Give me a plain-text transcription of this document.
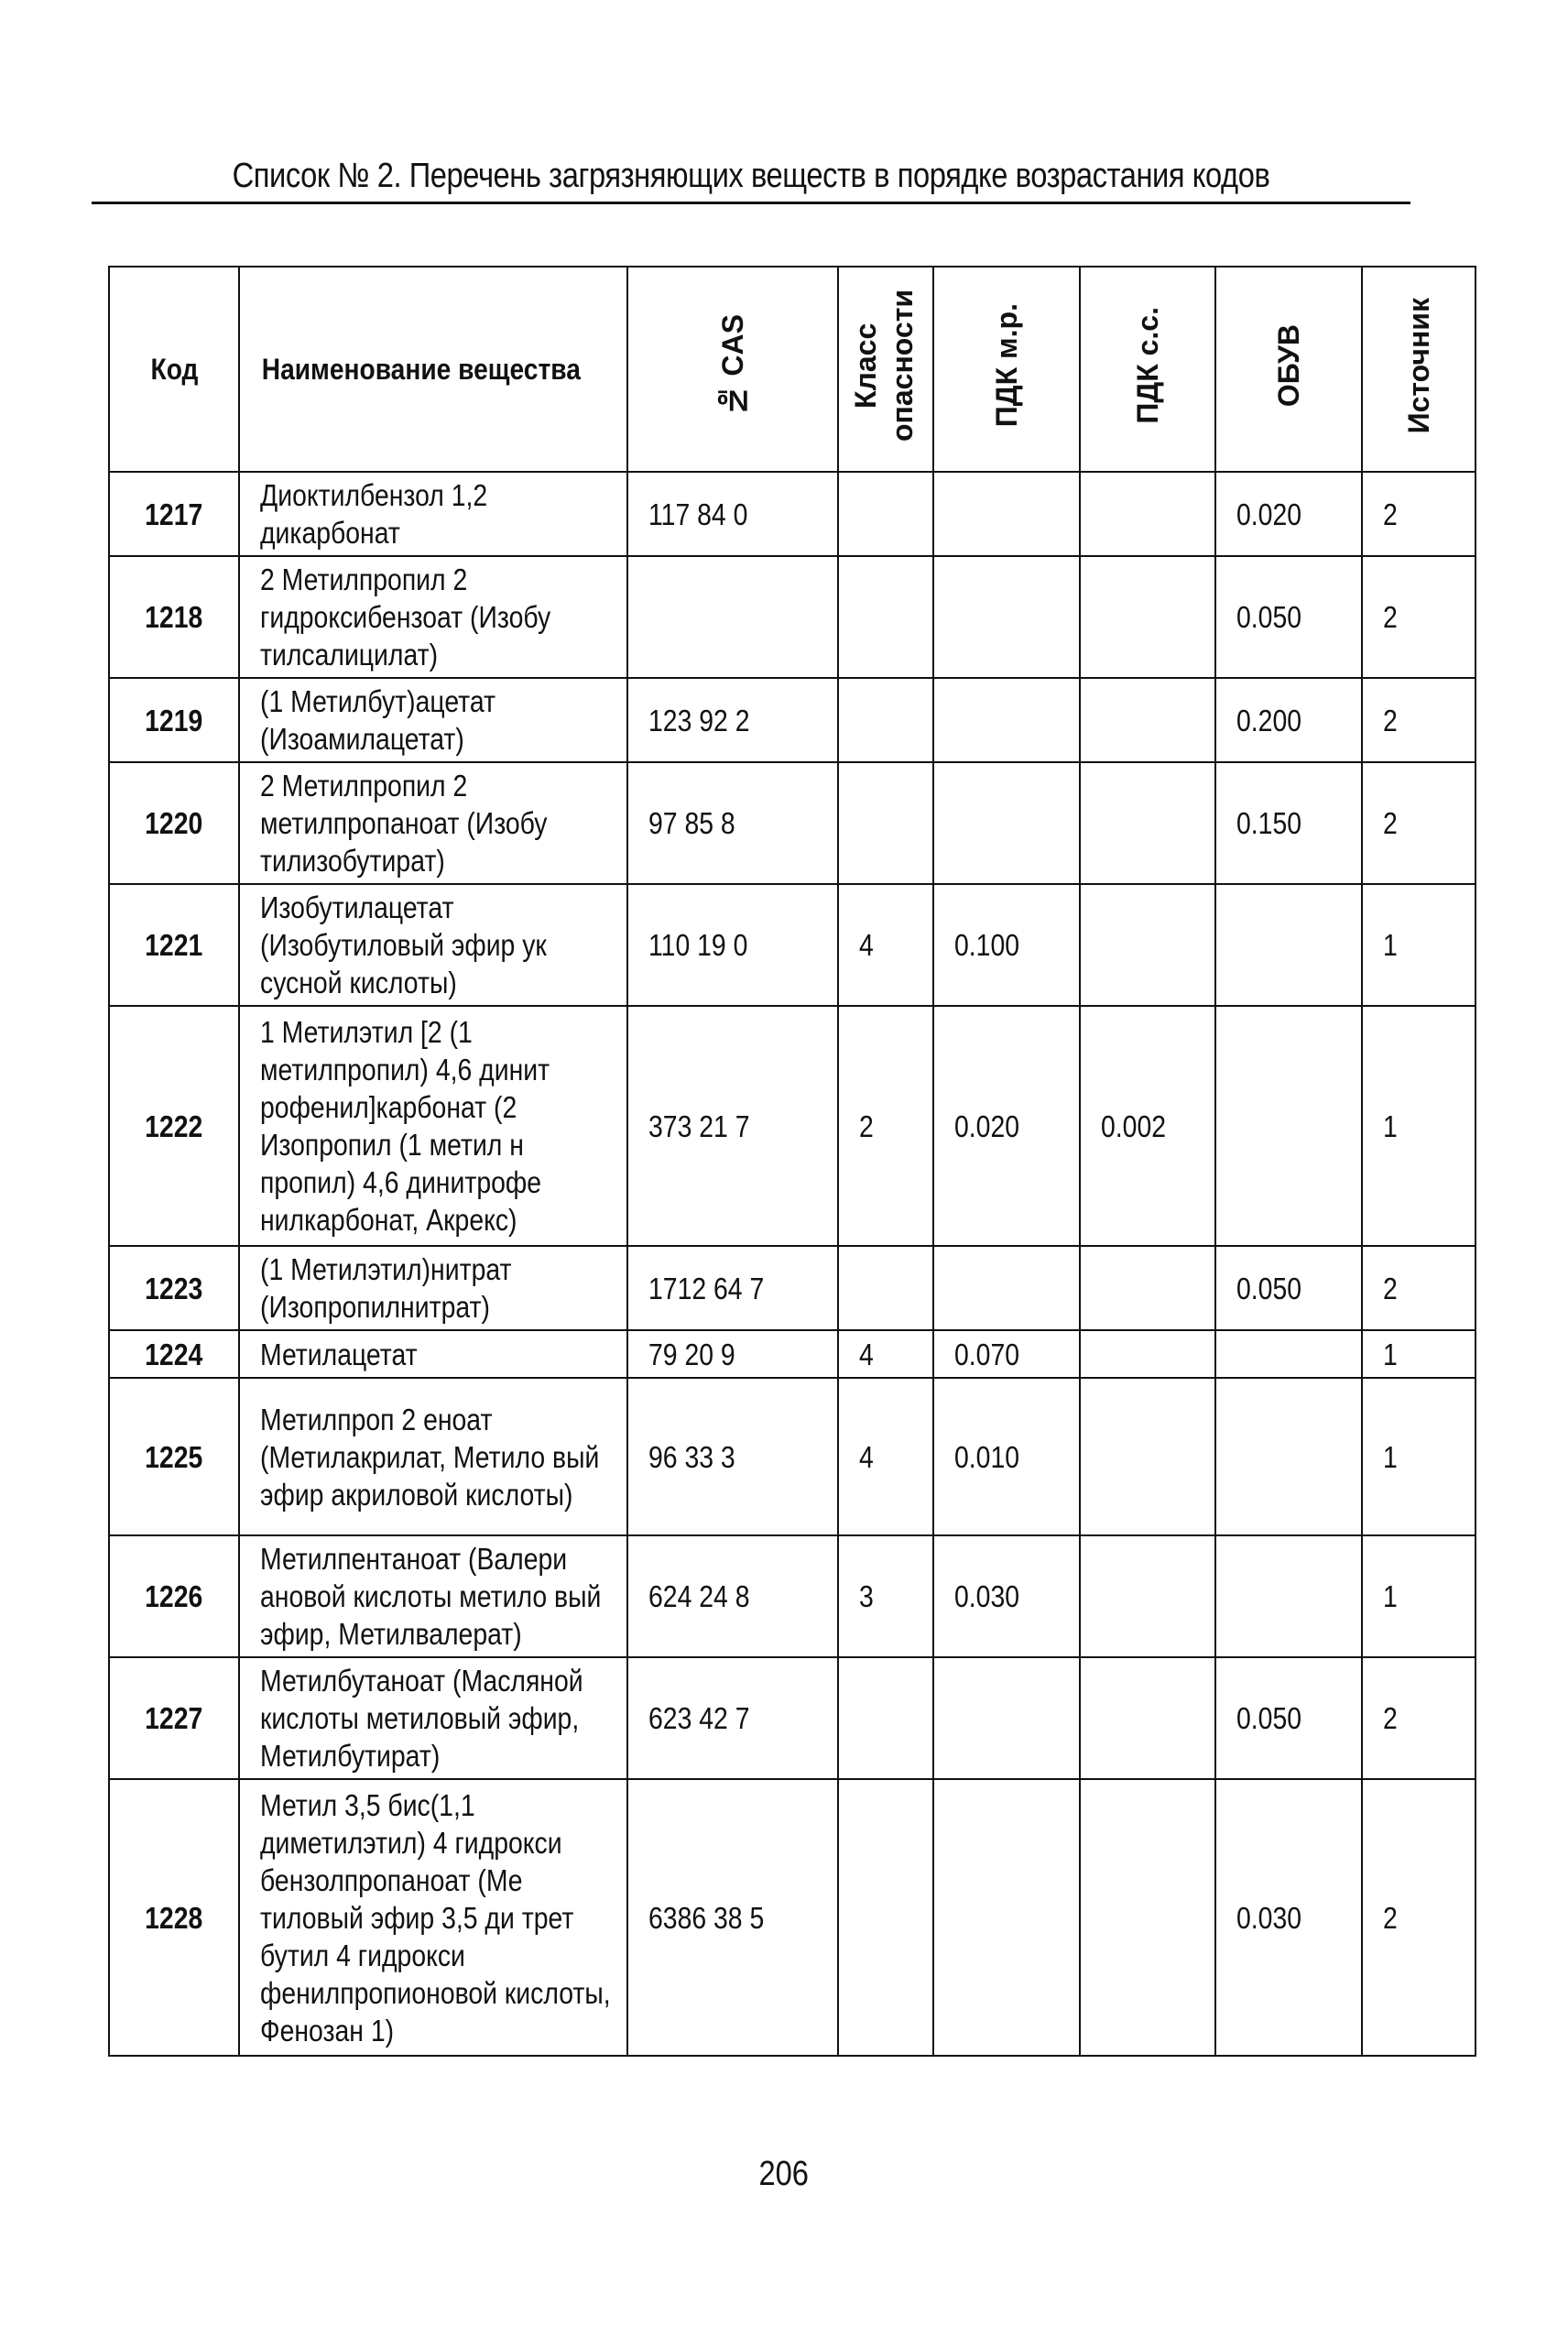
Список № 2. Перечень загрязняющих веществ в порядке возрастания кодов
Код	Наименование вещества	№ CAS	Класс опасности	ПДК м.р.	ПДК с.с.	ОБУВ	Источник
1217	Диоктилбензол 1,2 дикарбонат	117 84 0				0.020	2
1218	2 Метилпропил 2 гидроксибензоат (Изобу тилсалицилат)					0.050	2
1219	(1 Метилбут)ацетат (Изоамилацетат)	123 92 2				0.200	2
1220	2 Метилпропил 2 метилпропаноат (Изобу тилизобутират)	97 85 8				0.150	2
1221	Изобутилацетат (Изобутиловый эфир ук сусной кислоты)	110 19 0	4	0.100			1
1222	1 Метилэтил [2 (1 метилпропил) 4,6 динит рофенил]карбонат (2 Изопропил (1 метил н пропил) 4,6 динитрофе нилкарбонат, Акрекс)	373 21 7	2	0.020	0.002		1
1223	(1 Метилэтил)нитрат (Изопропилнитрат)	1712 64 7				0.050	2
1224	Метилацетат	79 20 9	4	0.070			1
1225	Метилпроп 2 еноат (Метилакрилат, Метило вый эфир акриловой кислоты)	96 33 3	4	0.010			1
1226	Метилпентаноат (Валери ановой кислоты метило вый эфир, Метилвалерат)	624 24 8	3	0.030			1
1227	Метилбутаноат (Масляной кислоты метиловый эфир, Метилбутират)	623 42 7				0.050	2
1228	Метил 3,5 бис(1,1 диметилэтил) 4 гидрокси бензолпропаноат (Ме тиловый эфир 3,5 ди трет бутил 4 гидрокси фенилпропионовой кислоты, Фенозан 1)	6386 38 5				0.030	2
206
